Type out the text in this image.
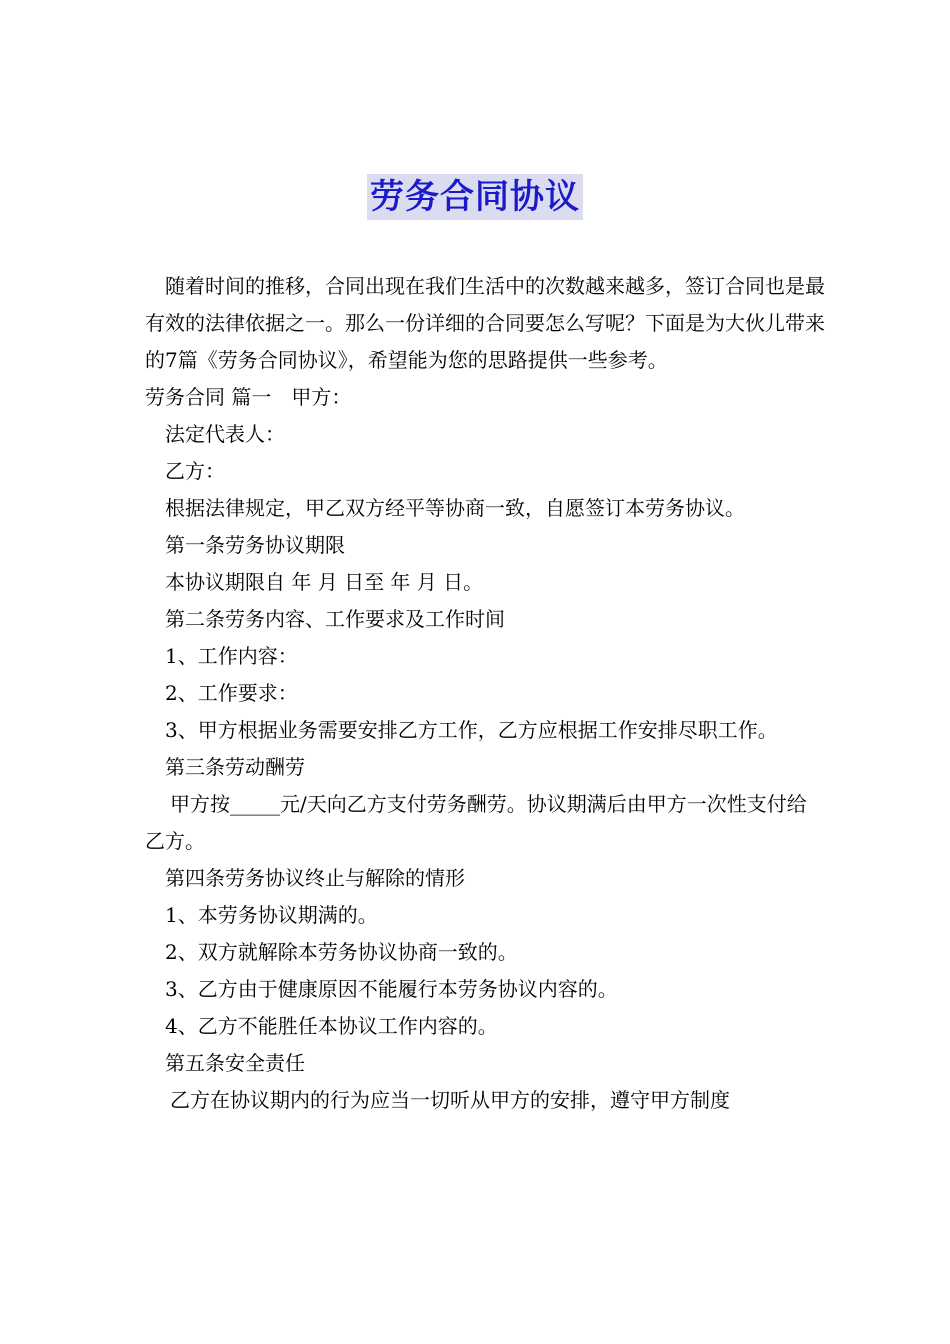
劳务合同协议

随着时间的推移，合同出现在我们生活中的次数越来越多，签订合同也是最有效的法律依据之一。那么一份详细的合同要怎么写呢？下面是为大伙儿带来的7篇《劳务合同协议》，希望能为您的思路提供一些参考。

劳务合同 篇一　甲方：

法定代表人：

乙方：

根据法律规定，甲乙双方经平等协商一致，自愿签订本劳务协议。

第一条劳务协议期限

本协议期限自 年 月 日至 年 月 日。

第二条劳务内容、工作要求及工作时间

1、工作内容：

2、工作要求：

3、甲方根据业务需要安排乙方工作，乙方应根据工作安排尽职工作。

第三条劳动酬劳

甲方按_____元/天向乙方支付劳务酬劳。协议期满后由甲方一次性支付给乙方。

第四条劳务协议终止与解除的情形

1、本劳务协议期满的。

2、双方就解除本劳务协议协商一致的。

3、乙方由于健康原因不能履行本劳务协议内容的。

4、乙方不能胜任本协议工作内容的。

第五条安全责任

乙方在协议期内的行为应当一切听从甲方的安排，遵守甲方制度
